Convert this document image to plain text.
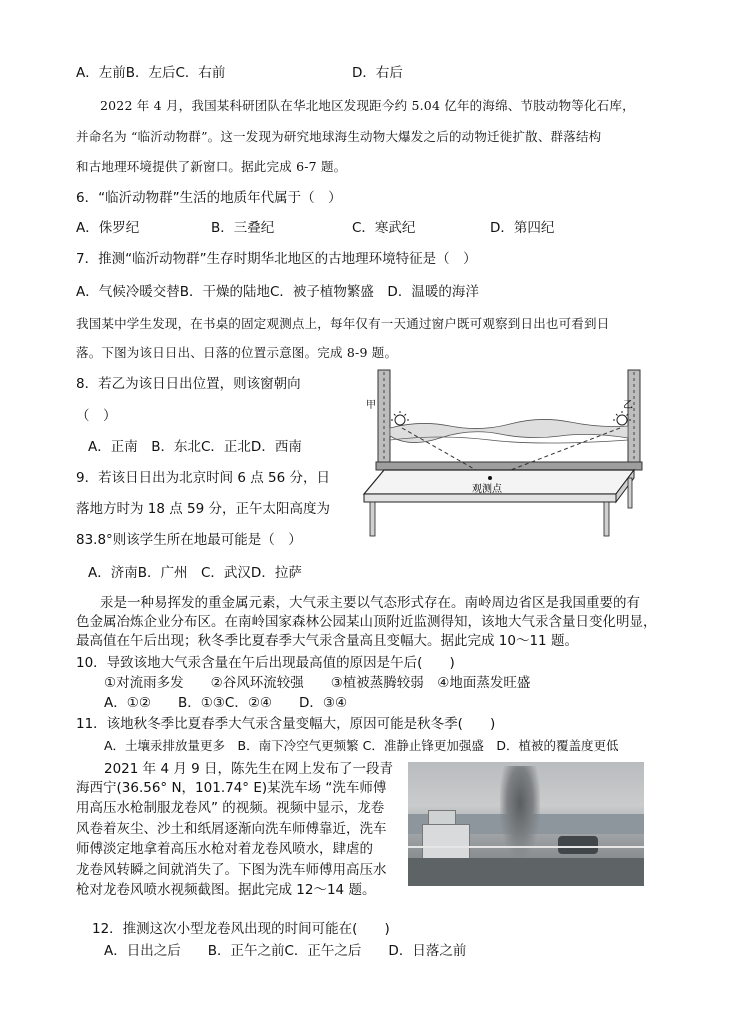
A．左前B．左后C．右前	D．右后
2022 年 4 月，我国某科研团队在华北地区发现距今约 5.04 亿年的海绵、节肢动物等化石库，
并命名为 “临沂动物群”。这一发现为研究地球海生动物大爆发之后的动物迁徙扩散、群落结构
和古地理环境提供了新窗口。据此完成 6-7 题。
6．“临沂动物群”生活的地质年代属于（　）
A．侏罗纪	B．三叠纪	C．寒武纪	D．第四纪
7．推测“临沂动物群”生存时期华北地区的古地理环境特征是（　）
A．气候冷暖交替B．干燥的陆地C．被子植物繁盛　D．温暖的海洋
我国某中学生发现，在书桌的固定观测点上，每年仅有一天通过窗户既可观察到日出也可看到日
落。下图为该日日出、日落的位置示意图。完成 8-9 题。
8．若乙为该日日出位置，则该窗朝向
（　）
A．正南　B．东北C．正北D．西南
9．若该日日出为北京时间 6 点 56 分，日
落地方时为 18 点 59 分，正午太阳高度为
83.8°则该学生所在地最可能是（　）
A．济南B．广州　C．武汉D．拉萨
甲	乙
观测点
汞是一种易挥发的重金属元素，大气汞主要以气态形式存在。南岭周边省区是我国重要的有
色金属冶炼企业分布区。在南岭国家森林公园某山顶附近监测得知，该地大气汞含量日变化明显，
最高值在午后出现；秋冬季比夏春季大气汞含量高且变幅大。据此完成 10～11 题。
10．导致该地大气汞含量在午后出现最高值的原因是午后(　　)
①对流雨多发　　②谷风环流较强　　③植被蒸腾较弱　④地面蒸发旺盛
A．①②　　B．①③C．②④　　D．③④
11．该地秋冬季比夏春季大气汞含量变幅大，原因可能是秋冬季(　　)
A．土壤汞排放量更多　B．南下冷空气更频繁 C．准静止锋更加强盛　D．植被的覆盖度更低
2021 年 4 月 9 日，陈先生在网上发布了一段青
海西宁(36.56° N，101.74° E)某洗车场 “洗车师傅
用高压水枪制服龙卷风” 的视频。视频中显示，龙卷
风卷着灰尘、沙土和纸屑逐渐向洗车师傅靠近，洗车
师傅淡定地拿着高压水枪对着龙卷风喷水，肆虐的
龙卷风转瞬之间就消失了。下图为洗车师傅用高压水
枪对龙卷风喷水视频截图。据此完成 12～14 题。
12．推测这次小型龙卷风出现的时间可能在(　　)
A．日出之后　　B．正午之前C．正午之后　　D．日落之前
